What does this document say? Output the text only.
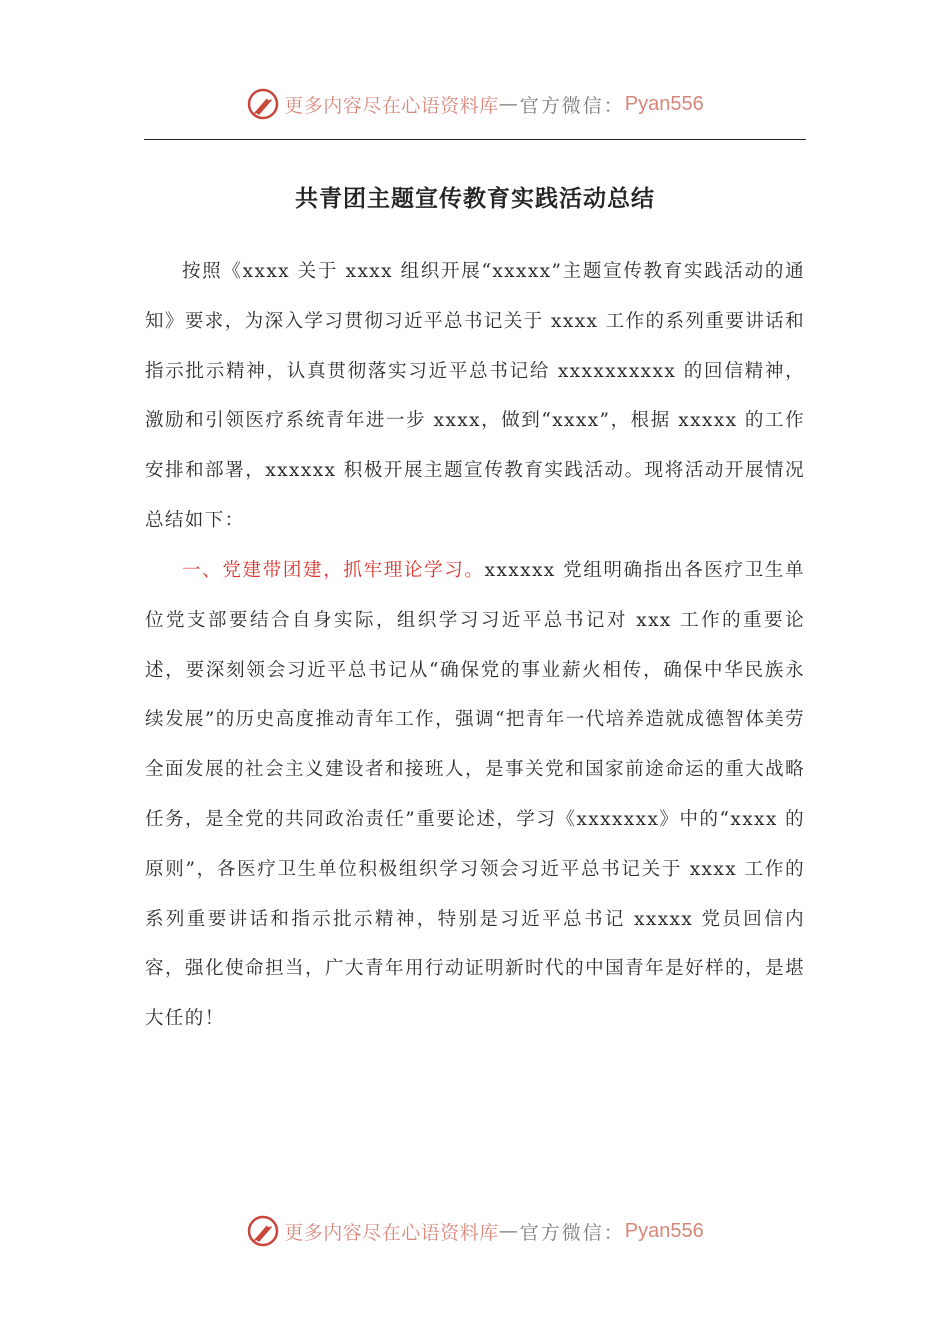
更多内容尽在心语资料库 — 官方微信： Pyan556
共青团主题宣传教育实践活动总结

按照《xxxx 关于 xxxx 组织开展“xxxxx”主题宣传教育实践活动的通知》要求，为深入学习贯彻习近平总书记关于 xxxx 工作的系列重要讲话和指示批示精神，认真贯彻落实习近平总书记给 xxxxxxxxxx 的回信精神，激励和引领医疗系统青年进一步 xxxx，做到“xxxx”，根据 xxxxx 的工作安排和部署，xxxxxx 积极开展主题宣传教育实践活动。现将活动开展情况总结如下：

一、党建带团建，抓牢理论学习。xxxxxx 党组明确指出各医疗卫生单位党支部要结合自身实际，组织学习习近平总书记对 xxx 工作的重要论述，要深刻领会习近平总书记从“确保党的事业薪火相传，确保中华民族永续发展”的历史高度推动青年工作，强调“把青年一代培养造就成德智体美劳全面发展的社会主义建设者和接班人，是事关党和国家前途命运的重大战略任务，是全党的共同政治责任”重要论述，学习《xxxxxxx》中的“xxxx 的原则”，各医疗卫生单位积极组织学习领会习近平总书记关于 xxxx 工作的系列重要讲话和指示批示精神，特别是习近平总书记 xxxxx 党员回信内容，强化使命担当，广大青年用行动证明新时代的中国青年是好样的，是堪大任的！

更多内容尽在心语资料库 — 官方微信： Pyan556
